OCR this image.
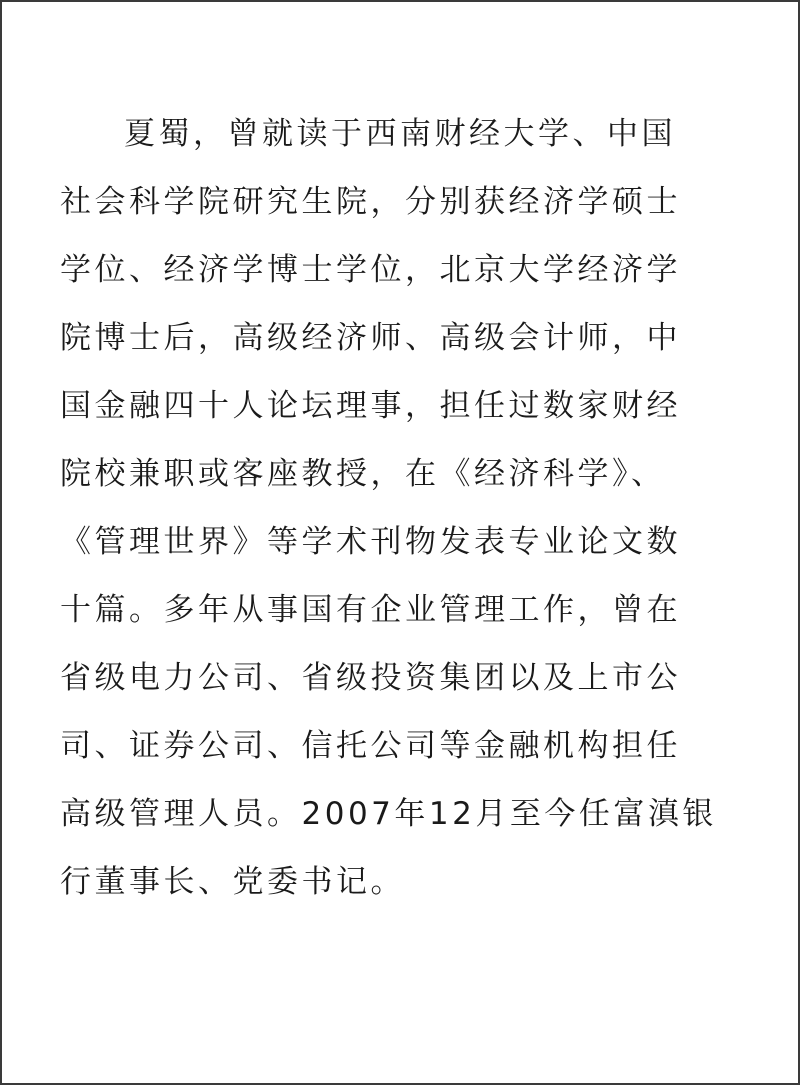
夏蜀，曾就读于西南财经大学、中国
社会科学院研究生院，分别获经济学硕士
学位、经济学博士学位，北京大学经济学
院博士后，高级经济师、高级会计师，中
国金融四十人论坛理事，担任过数家财经
院校兼职或客座教授，在《经济科学》、
《管理世界》等学术刊物发表专业论文数
十篇。多年从事国有企业管理工作，曾在
省级电力公司、省级投资集团以及上市公
司、证券公司、信托公司等金融机构担任
高级管理人员。2007年12月至今任富滇银
行董事长、党委书记。
